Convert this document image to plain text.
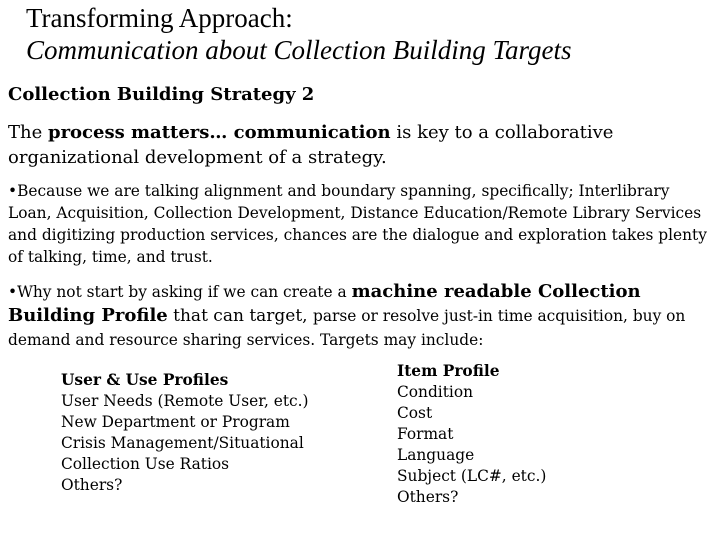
Transforming Approach:
Communication about Collection Building Targets
Collection Building Strategy 2
The process matters… communication is key to a collaborative organizational development of a strategy.
•Because we are talking alignment and boundary spanning, specifically; Interlibrary Loan, Acquisition, Collection Development, Distance Education/Remote Library Services and digitizing production services, chances are the dialogue and exploration takes plenty of talking, time, and trust.
•Why not start by asking if we can create a machine readable Collection Building Profile that can target, parse or resolve just-in time acquisition, buy on demand and resource sharing services. Targets may include:
User & Use Profiles
User Needs (Remote User, etc.)
New Department or Program
Crisis Management/Situational
Collection Use Ratios
Others?
Item Profile
Condition
Cost
Format
Language
Subject (LC#, etc.)
Others?
